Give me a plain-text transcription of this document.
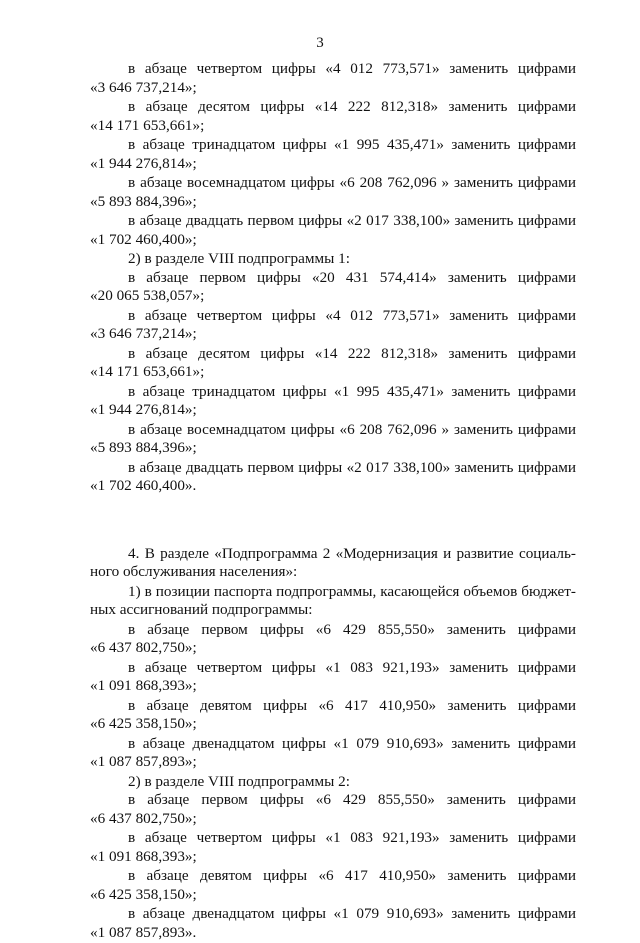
3

в абзаце четвертом цифры «4 012 773,571» заменить цифрами

«3 646 737,214»;

в абзаце десятом цифры «14 222 812,318» заменить цифрами

«14 171 653,661»;

в абзаце тринадцатом цифры «1 995 435,471» заменить цифрами

«1 944 276,814»;

в абзаце восемнадцатом цифры «6 208 762,096 » заменить цифрами

«5 893 884,396»;

в абзаце двадцать первом цифры «2 017 338,100» заменить цифрами

«1 702 460,400»;

2) в разделе VIII подпрограммы 1:

в абзаце первом цифры «20 431 574,414» заменить цифрами

«20 065 538,057»;

в абзаце четвертом цифры «4 012 773,571» заменить цифрами

«3 646 737,214»;

в абзаце десятом цифры «14 222 812,318» заменить цифрами

«14 171 653,661»;

в абзаце тринадцатом цифры «1 995 435,471» заменить цифрами

«1 944 276,814»;

в абзаце восемнадцатом цифры «6 208 762,096 » заменить цифрами

«5 893 884,396»;

в абзаце двадцать первом цифры «2 017 338,100» заменить цифрами

«1 702 460,400».

4. В разделе «Подпрограмма 2 «Модернизация и развитие социаль-

ного обслуживания населения»:

1) в позиции паспорта подпрограммы, касающейся объемов бюджет-

ных ассигнований подпрограммы:

в абзаце первом цифры «6 429 855,550» заменить цифрами

«6 437 802,750»;

в абзаце четвертом цифры «1 083 921,193» заменить цифрами

«1 091 868,393»;

в абзаце девятом цифры «6 417 410,950» заменить цифрами

«6 425 358,150»;

в абзаце двенадцатом цифры «1 079 910,693» заменить цифрами

«1 087 857,893»;

2) в разделе VIII подпрограммы 2:

в абзаце первом цифры «6 429 855,550» заменить цифрами

«6 437 802,750»;

в абзаце четвертом цифры «1 083 921,193» заменить цифрами

«1 091 868,393»;

в абзаце девятом цифры «6 417 410,950» заменить цифрами

«6 425 358,150»;

в абзаце двенадцатом цифры «1 079 910,693» заменить цифрами

«1 087 857,893».
